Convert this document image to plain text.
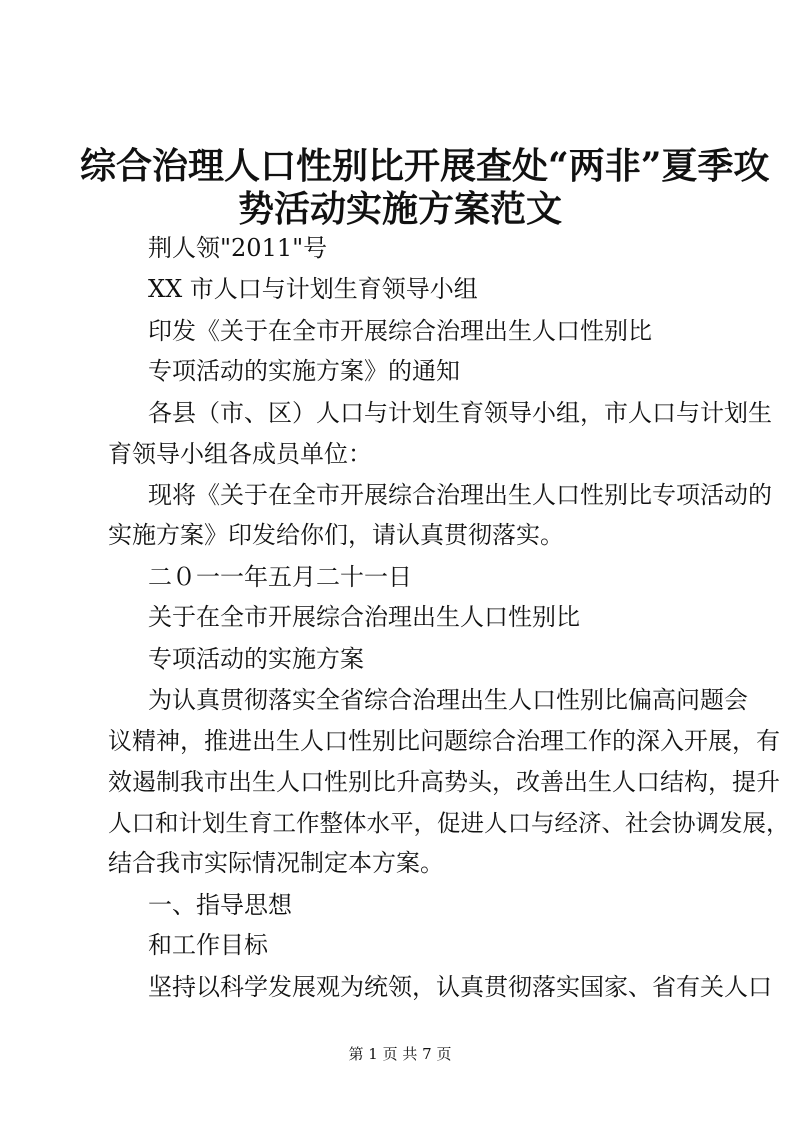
综合治理人口性别比开展查处“两非”夏季攻
势活动实施方案范文
荆人领"2011"号
XX 市人口与计划生育领导小组
印发《关于在全市开展综合治理出生人口性别比
专项活动的实施方案》的通知
各县（市、区）人口与计划生育领导小组，市人口与计划生
育领导小组各成员单位：
现将《关于在全市开展综合治理出生人口性别比专项活动的
实施方案》印发给你们，请认真贯彻落实。
二０一一年五月二十一日
关于在全市开展综合治理出生人口性别比
专项活动的实施方案
为认真贯彻落实全省综合治理出生人口性别比偏高问题会
议精神，推进出生人口性别比问题综合治理工作的深入开展，有
效遏制我市出生人口性别比升高势头，改善出生人口结构，提升
人口和计划生育工作整体水平，促进人口与经济、社会协调发展，
结合我市实际情况制定本方案。
一、指导思想
和工作目标
坚持以科学发展观为统领，认真贯彻落实国家、省有关人口
第 1 页 共 7 页
